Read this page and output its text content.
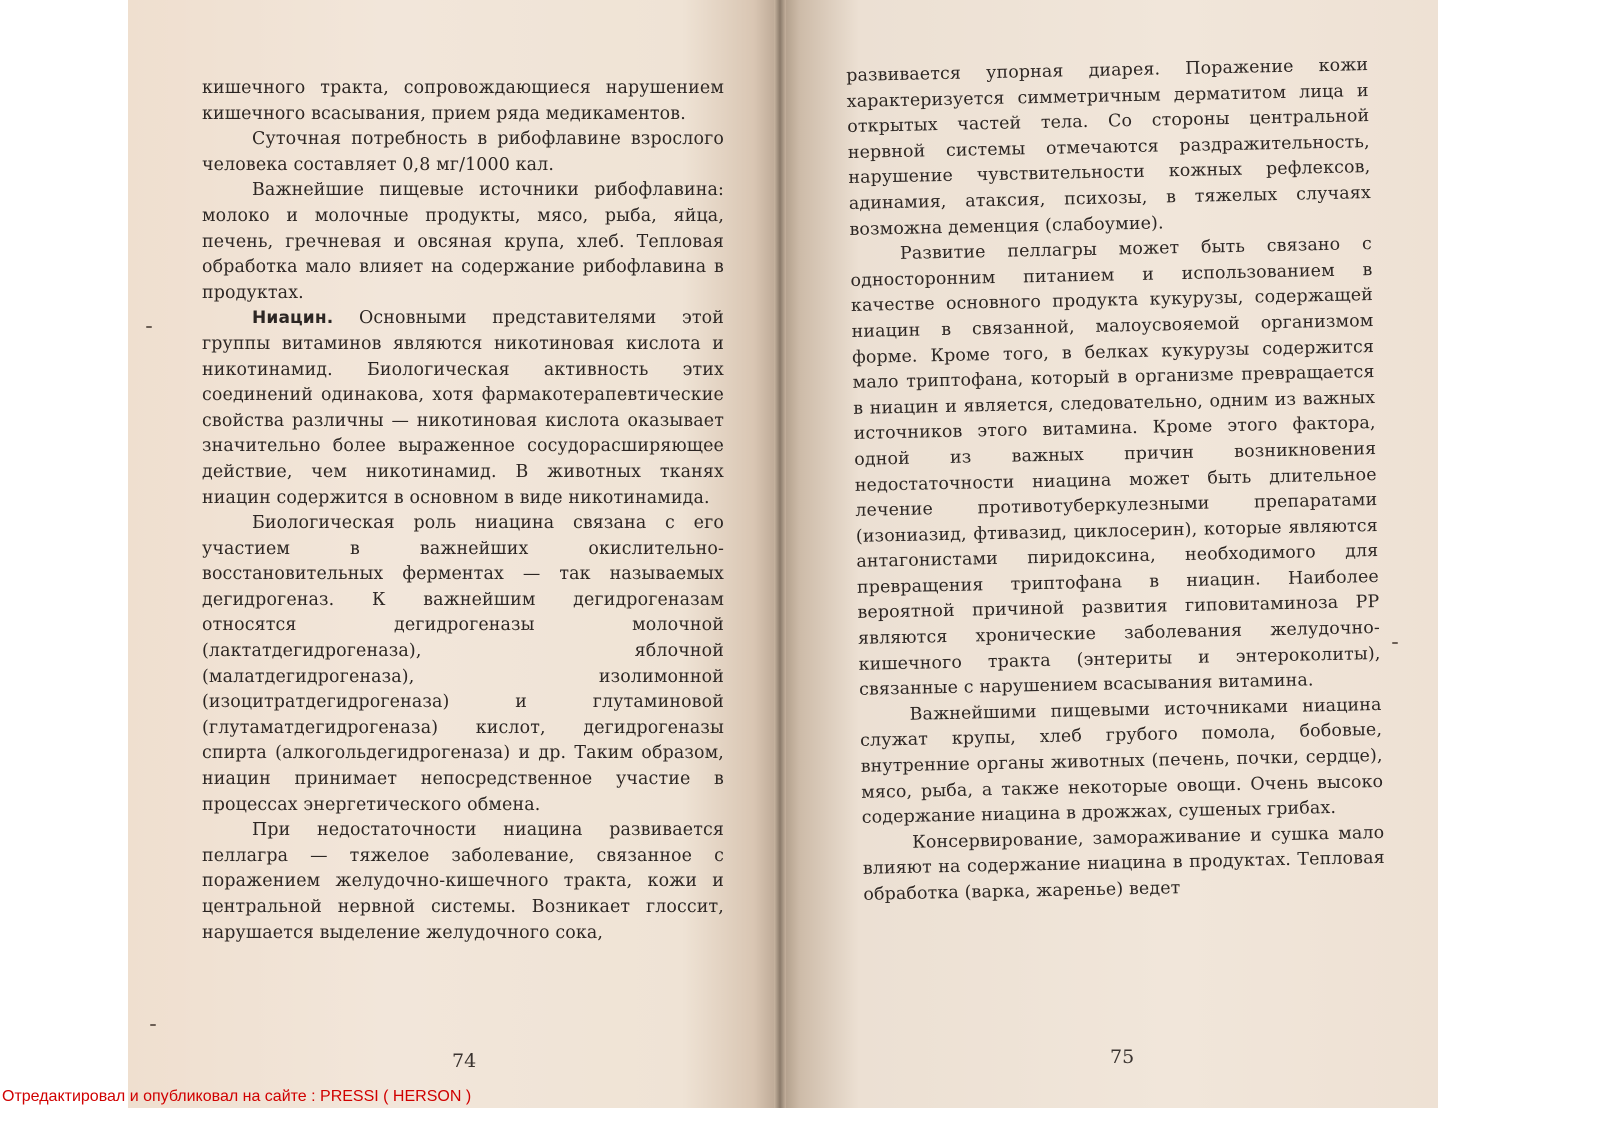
кишечного тракта, сопровождающиеся нарушением кишечного всасывания, прием ряда медикаментов.

Суточная потребность в рибофлавине взрослого человека составляет 0,8 мг/1000 кал.

Важнейшие пищевые источники рибофлавина: молоко и молочные продукты, мясо, рыба, яйца, печень, гречневая и овсяная крупа, хлеб. Тепловая обработка мало влияет на содержание рибофлавина в продуктах.

Ниацин. Основными представителями этой группы витаминов являются никотиновая кислота и никотинамид. Биологическая активность этих соединений одинакова, хотя фармакотерапевтические свойства различны — никотиновая кислота оказывает значительно более выраженное сосудорасширяющее действие, чем никотинамид. В животных тканях ниацин содержится в основном в виде никотинамида.

Биологическая роль ниацина связана с его участием в важнейших окислительно-восстановительных ферментах — так называемых дегидрогеназ. К важнейшим дегидрогеназам относятся дегидрогеназы молочной (лактатдегидрогеназа), яблочной (малатдегидрогеназа), изолимонной (изоцитратдегидрогеназа) и глутаминовой (глутаматдегидрогеназа) кислот, дегидрогеназы спирта (алкогольдегидрогеназа) и др. Таким образом, ниацин принимает непосредственное участие в процессах энергетического обмена.

При недостаточности ниацина развивается пеллагра — тяжелое заболевание, связанное с поражением желудочно-кишечного тракта, кожи и центральной нервной системы. Возникает глоссит, нарушается выделение желудочного сока,

развивается упорная диарея. Поражение кожи характеризуется симметричным дерматитом лица и открытых частей тела. Со стороны центральной нервной системы отмечаются раздражительность, нарушение чувствительности кожных рефлексов, адинамия, атаксия, психозы, в тяжелых случаях возможна деменция (слабоумие).

Развитие пеллагры может быть связано с односторонним питанием и использованием в качестве основного продукта кукурузы, содержащей ниацин в связанной, малоусвояемой организмом форме. Кроме того, в белках кукурузы содержится мало триптофана, который в организме превращается в ниацин и является, следовательно, одним из важных источников этого витамина. Кроме этого фактора, одной из важных причин возникновения недостаточности ниацина может быть длительное лечение противотуберкулезными препаратами (изониазид, фтивазид, циклосерин), которые являются антагонистами пиридоксина, необходимого для превращения триптофана в ниацин. Наиболее вероятной причиной развития гиповитаминоза РР являются хронические заболевания желудочно-кишечного тракта (энтериты и энтероколиты), связанные с нарушением всасывания витамина.

Важнейшими пищевыми источниками ниацина служат крупы, хлеб грубого помола, бобовые, внутренние органы животных (печень, почки, сердце), мясо, рыба, а также некоторые овощи. Очень высоко содержание ниацина в дрожжах, сушеных грибах.

Консервирование, замораживание и сушка мало влияют на содержание ниацина в продуктах. Тепловая обработка (варка, жаренье) ведет

74	75
Отредактировал и опубликовал на сайте : PRESSI ( HERSON )
